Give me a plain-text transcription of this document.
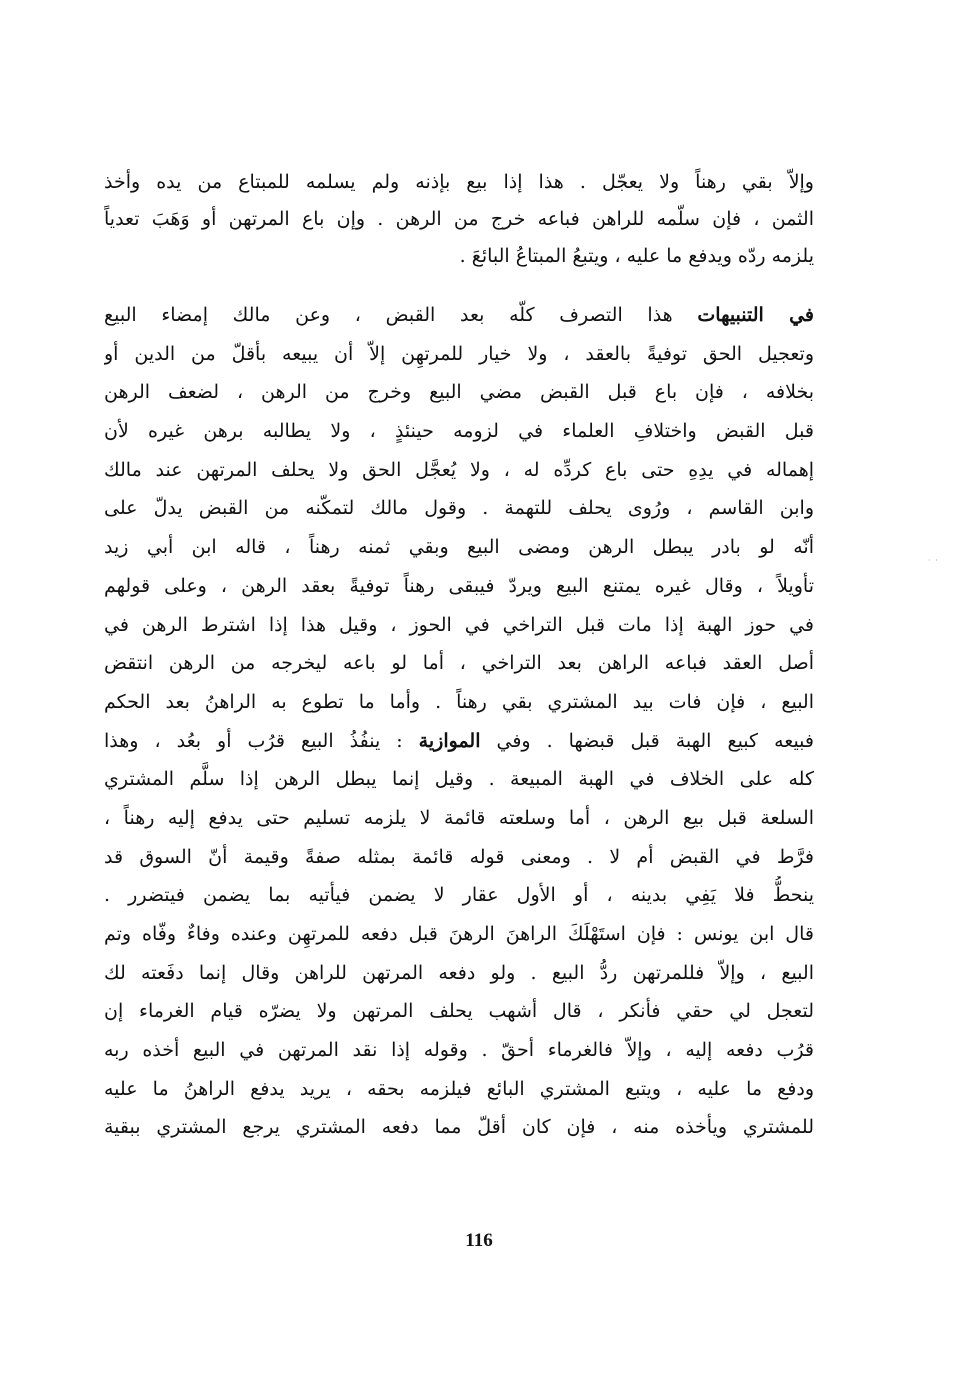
وإلاّ بقي رهناً ولا يعجّل . هذا إذا بيع بإذنه ولم يسلمه للمبتاع من يده وأخذ
الثمن ، فإن سلّمه للراهن فباعه خرج من الرهن . وإن باع المرتهن أو وَهَبَ تعدياً
يلزمه ردّه ويدفع ما عليه ، ويتبعُ المبتاعُ البائعَ .
في التنبيهات هذا التصرف كلّه بعد القبض ، وعن مالك إمضاء البيع
وتعجيل الحق توفيةً بالعقد ، ولا خيار للمرتهِن إلاّ أن يبيعه بأقلّ من الدين أو
بخلافه ، فإن باع قبل القبض مضي البيع وخرج من الرهن ، لضعف الرهن
قبل القبض واختلافِ العلماء في لزومه حينئذٍ ، ولا يطالبه برهن غيره لأن
إهماله في يدِهِ حتى باع كردِّه له ، ولا يُعجَّل الحق ولا يحلف المرتهن عند مالك
وابن القاسم ، ورُوى يحلف للتهمة . وقول مالك لتمكّنه من القبض يدلّ على
أنّه لو بادر يبطل الرهن ومضى البيع وبقي ثمنه رهناً ، قاله ابن أبي زيد
تأويلاً ، وقال غيره يمتنع البيع ويردّ فيبقى رهناً توفيةً بعقد الرهن ، وعلى قولهم
في حوز الهبة إذا مات قبل التراخي في الحوز ، وقيل هذا إذا اشترط الرهن في
أصل العقد فباعه الراهن بعد التراخي ، أما لو باعه ليخرجه من الرهن انتقض
البيع ، فإن فات بيد المشتري بقي رهناً . وأما ما تطوع به الراهنُ بعد الحكم
فبيعه كبيع الهبة قبل قبضها . وفي الموازية : ينفُذُ البيع قرُب أو بعُد ، وهذا
كله على الخلاف في الهبة المبيعة . وقيل إنما يبطل الرهن إذا سلَّم المشتري
السلعة قبل بيع الرهن ، أما وسلعته قائمة لا يلزمه تسليم حتى يدفع إليه رهناً ،
فرَّط في القبض أم لا . ومعنى قوله قائمة بمثله صفةً وقيمة أنّ السوق قد
ينحطُّ فلا يَفِي بدينه ، أو الأول عقار لا يضمن فيأتيه بما يضمن فيتضرر .
قال ابن يونس : فإن استَهْلَكَ الراهنَ الرهنَ قبل دفعه للمرتهِن وعنده وفاءٌ وفّاه وتم
البيع ، وإلاّ فللمرتهن ردُّ البيع . ولو دفعه المرتهن للراهن وقال إنما دفَعته لك
لتعجل لي حقي فأنكر ، قال أشهب يحلف المرتهن ولا يضرّه قيام الغرماء إن
قرُب دفعه إليه ، وإلاّ فالغرماء أحقّ . وقوله إذا نقد المرتهن في البيع أخذه ربه
ودفع ما عليه ، ويتبع المشتري البائع فيلزمه بحقه ، يريد يدفع الراهنُ ما عليه
للمشتري ويأخذه منه ، فإن كان أقلّ مما دفعه المشتري يرجع المشتري ببقية
· ·
116
